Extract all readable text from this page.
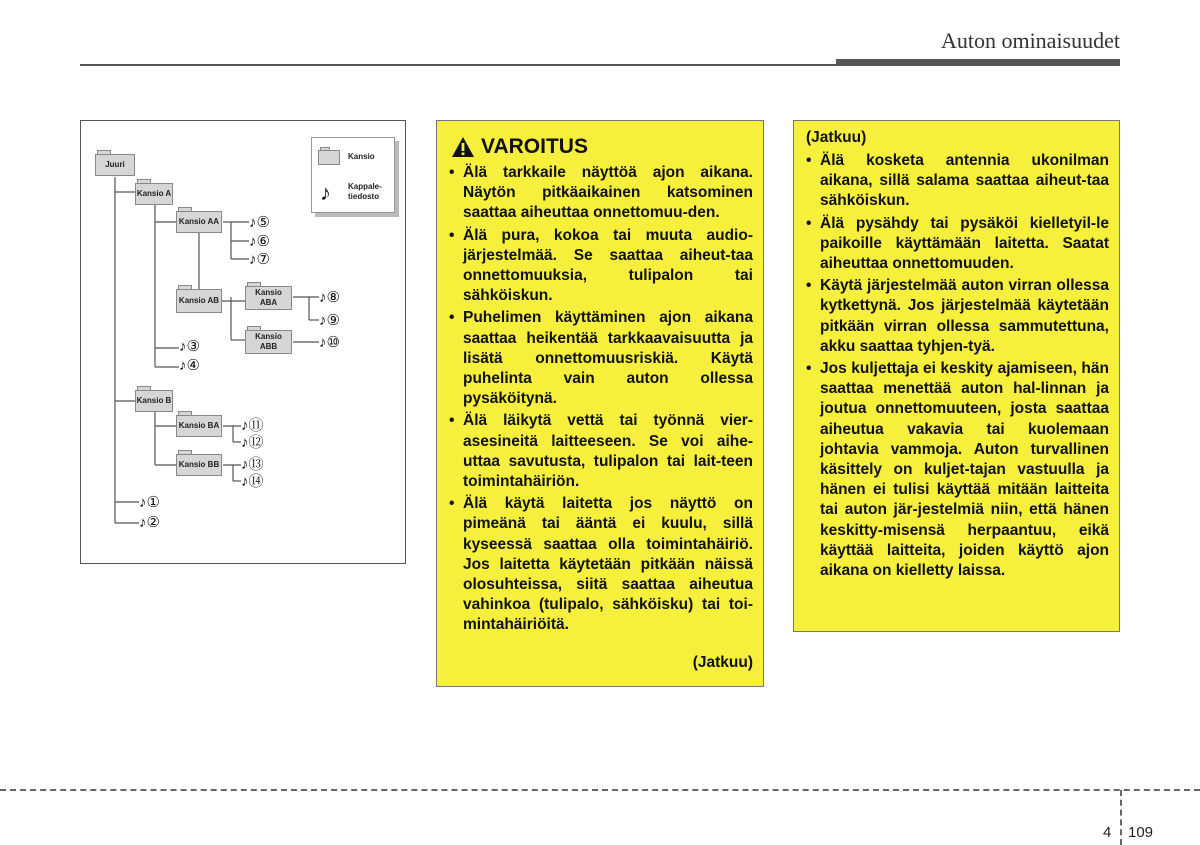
Auton ominaisuudet
Juuri
Kansio A
Kansio AA
Kansio AB
Kansio
ABA
Kansio
ABB
Kansio B
Kansio BA
Kansio BB
♪⑤
♪⑥
♪⑦
♪⑧
♪⑨
♪⑩
♪③
♪④
♪⑪
♪⑫
♪⑬
♪⑭
♪①
♪②
Kansio
♪ Kappale-
tiedosto
VAROITUS
• Älä tarkkaile näyttöä ajon aikana. Näytön pitkäaikainen katsominen saattaa aiheuttaa onnettomuu-den.
• Älä pura, kokoa tai muuta audio-järjestelmää. Se saattaa aiheut-taa onnettomuuksia, tulipalon tai sähköiskun.
• Puhelimen käyttäminen ajon aikana saattaa heikentää tarkkaavaisuutta ja lisätä onnettomuusriskiä. Käytä puhelinta vain auton ollessa pysäköitynä.
• Älä läikytä vettä tai työnnä vier-asesineitä laitteeseen. Se voi aihe-uttaa savutusta, tulipalon tai lait-teen toimintahäiriön.
• Älä käytä laitetta jos näyttö on pimeänä tai ääntä ei kuulu, sillä kyseessä saattaa olla toimintahäiriö. Jos laitetta käytetään pitkään näissä olosuhteissa, siitä saattaa aiheutua vahinkoa (tulipalo, sähköisku) tai toi-mintahäiriöitä.
(Jatkuu)
(Jatkuu)
• Älä kosketa antennia ukonilman aikana, sillä salama saattaa aiheut-taa sähköiskun.
• Älä pysähdy tai pysäköi kiellety​il-le paikoille käyttämään laitetta. Saatat aiheuttaa onnettomuuden.
• Käytä järjestelmää auton virran ollessa kytkettynä. Jos järjestelmää käytetään pitkään virran ollessa sammutettuna, akku saattaa tyhjen-tyä.
• Jos kuljettaja ei keskity ajamiseen, hän saattaa menettää auton hal-linnan ja joutua onnettomuuteen, josta saattaa aiheutua vakavia tai kuolemaan johtavia vammoja. Auton turvallinen käsittely on kuljet-tajan vastuulla ja hänen ei tulisi käyttää mitään laitteita tai auton jär-jestelmiä niin, että hänen keskitty-misensä herpaantuu, eikä käyttää laitteita, joiden käyttö ajon aikana on kielletty laissa.
4 109
